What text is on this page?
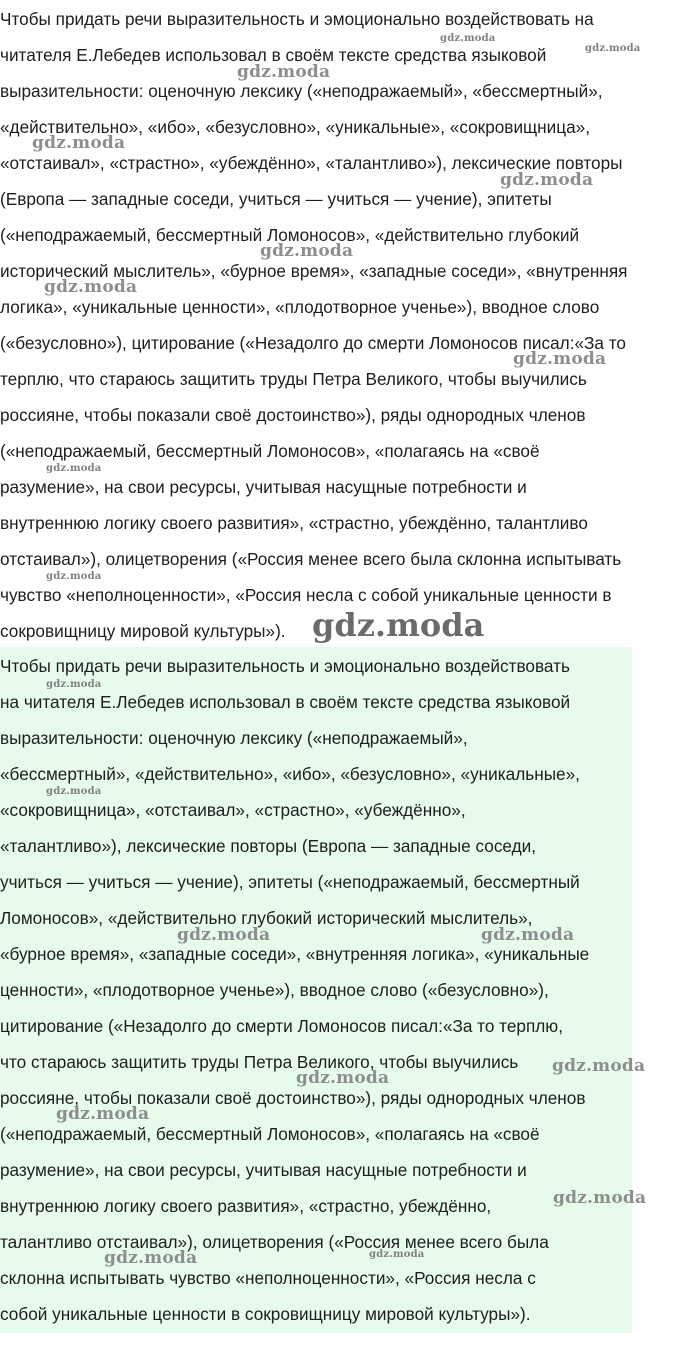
Чтобы придать речи выразительность и эмоционально воздействовать на
читателя Е.Лебедев использовал в своём тексте средства языковой
выразительности: оценочную лексику («неподражаемый», «бессмертный»,
«действительно», «ибо», «безусловно», «уникальные», «сокровищница»,
«отстаивал», «страстно», «убеждённо», «талантливо»), лексические повторы
(Европа — западные соседи, учиться — учиться — учение), эпитеты
(«неподражаемый, бессмертный Ломоносов», «действительно глубокий
исторический мыслитель», «бурное время», «западные соседи», «внутренняя
логика», «уникальные ценности», «плодотворное ученье»), вводное слово
(«безусловно»), цитирование («Незадолго до смерти Ломоносов писал:«За то
терплю, что стараюсь защитить труды Петра Великого, чтобы выучились
россияне, чтобы показали своё достоинство»), ряды однородных членов
(«неподражаемый, бессмертный Ломоносов», «полагаясь на «своё
разумение», на свои ресурсы, учитывая насущные потребности и
внутреннюю логику своего развития», «страстно, убеждённо, талантливо
отстаивал»), олицетворения («Россия менее всего была склонна испытывать
чувство «неполноценности», «Россия несла с собой уникальные ценности в
сокровищницу мировой культуры»).
Чтобы придать речи выразительность и эмоционально воздействовать
на читателя Е.Лебедев использовал в своём тексте средства языковой
выразительности: оценочную лексику («неподражаемый»,
«бессмертный», «действительно», «ибо», «безусловно», «уникальные»,
«сокровищница», «отстаивал», «страстно», «убеждённо»,
«талантливо»), лексические повторы (Европа — западные соседи,
учиться — учиться — учение), эпитеты («неподражаемый, бессмертный
Ломоносов», «действительно глубокий исторический мыслитель»,
«бурное время», «западные соседи», «внутренняя логика», «уникальные
ценности», «плодотворное ученье»), вводное слово («безусловно»),
цитирование («Незадолго до смерти Ломоносов писал:«За то терплю,
что стараюсь защитить труды Петра Великого, чтобы выучились
россияне, чтобы показали своё достоинство»), ряды однородных членов
(«неподражаемый, бессмертный Ломоносов», «полагаясь на «своё
разумение», на свои ресурсы, учитывая насущные потребности и
внутреннюю логику своего развития», «страстно, убеждённо,
талантливо отстаивал»), олицетворения («Россия менее всего была
склонна испытывать чувство «неполноценности», «Россия несла с
собой уникальные ценности в сокровищницу мировой культуры»).
gdz.moda
gdz.moda
gdz.moda
gdz.moda
gdz.moda
gdz.moda
gdz.moda
gdz.moda
gdz.moda
gdz.moda
gdz.moda
gdz.moda
gdz.moda
gdz.moda	gdz.moda
gdz.moda
gdz.moda
gdz.moda
gdz.moda
gdz.moda	gdz.moda
